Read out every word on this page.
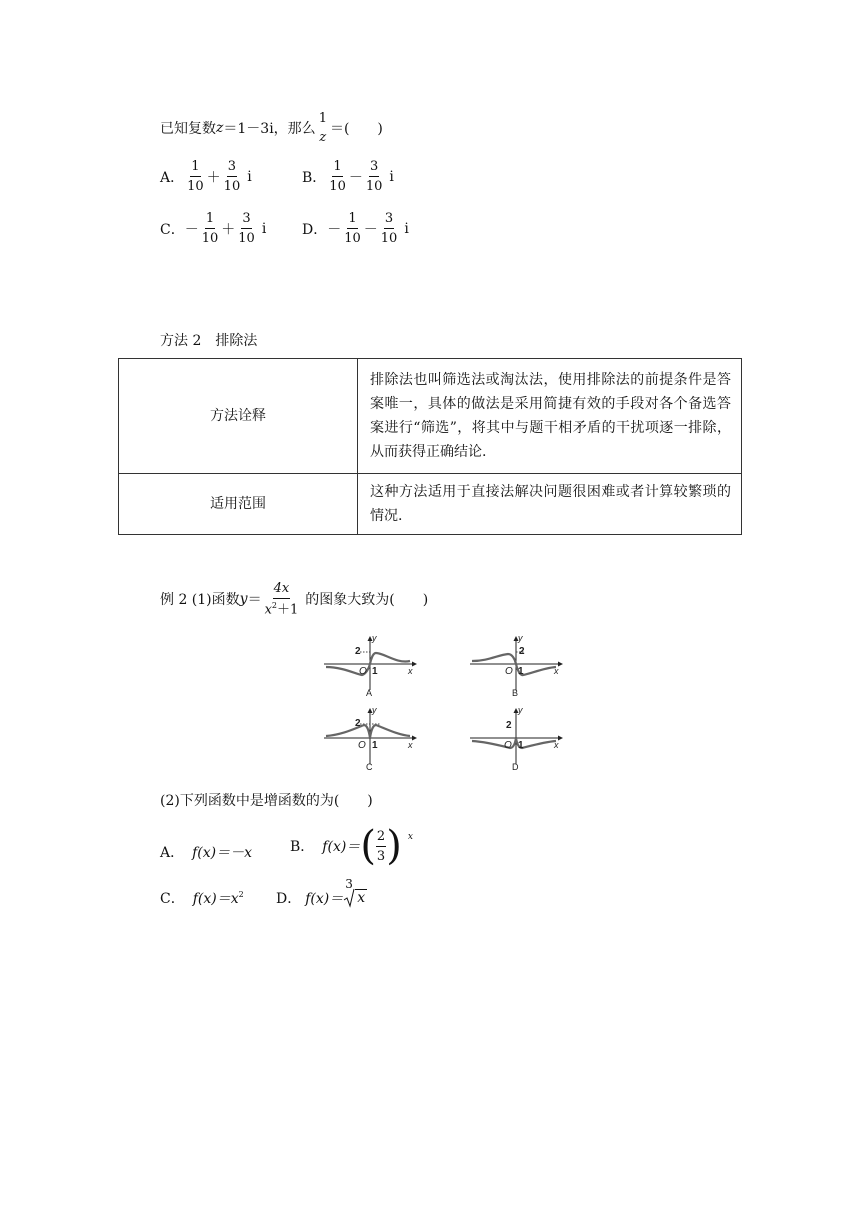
已知复数 z ＝1－3i，那么
1
z
＝(　　)
A． $\frac{1}{10} + \frac{3}{10}$ i	B． $\frac{1}{10} - \frac{3}{10}$ i
C． － $\frac{1}{10} + \frac{3}{10}$ i	D． － $\frac{1}{10} - \frac{3}{10}$ i
方法 2　排除法
方法诠释	排除法也叫筛选法或淘汰法，使用排除法的前提条件是答案唯一，具体的做法是采用简捷有效的手段对各个备选答案进行“筛选”，将其中与题干相矛盾的干扰项逐一排除，从而获得正确结论.
适用范围	这种方法适用于直接法解决问题很困难或者计算较繁琐的情况.
例 2 (1)函数 $y = \frac{4x}{x^2+1}$ 的图象大致为(　　)
2
y
O 1	x
A
2
y
O 1	x
B
2
y
O 1	x
C
2
y
O 1	x
D
(2)下列函数中是增函数的为(　　)
A． f(x)＝－x	B． f(x)＝ ( $\frac{2}{3}$ ) x
C． $f(x)=x^2$ D． f(x)＝
3
x
